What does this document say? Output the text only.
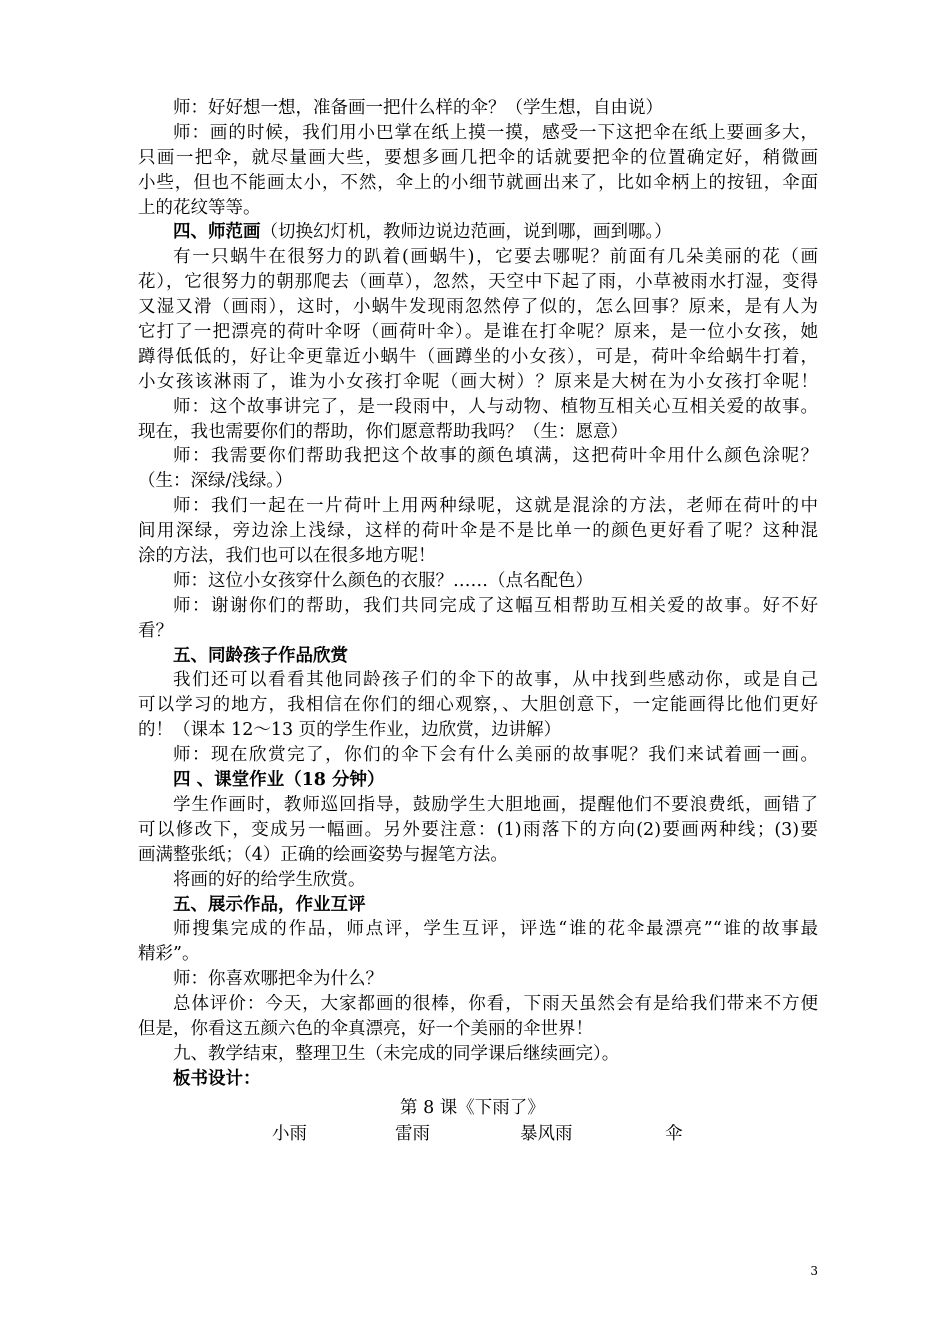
师：好好想一想，准备画一把什么样的伞？（学生想，自由说）
师：画的时候，我们用小巴掌在纸上摸一摸，感受一下这把伞在纸上要画多大，
只画一把伞，就尽量画大些，要想多画几把伞的话就要把伞的位置确定好，稍微画
小些，但也不能画太小，不然，伞上的小细节就画出来了，比如伞柄上的按钮，伞面
上的花纹等等。
四、师范画（切换幻灯机，教师边说边范画，说到哪，画到哪。）
有一只蜗牛在很努力的趴着(画蜗牛)，它要去哪呢？前面有几朵美丽的花（画
花），它很努力的朝那爬去（画草），忽然，天空中下起了雨，小草被雨水打湿，变得
又湿又滑（画雨），这时，小蜗牛发现雨忽然停了似的，怎么回事？原来，是有人为
它打了一把漂亮的荷叶伞呀（画荷叶伞）。是谁在打伞呢？原来，是一位小女孩，她
蹲得低低的，好让伞更靠近小蜗牛（画蹲坐的小女孩），可是，荷叶伞给蜗牛打着，
小女孩该淋雨了，谁为小女孩打伞呢（画大树）？原来是大树在为小女孩打伞呢！
师：这个故事讲完了，是一段雨中，人与动物、植物互相关心互相关爱的故事。
现在，我也需要你们的帮助，你们愿意帮助我吗？（生：愿意）
师：我需要你们帮助我把这个故事的颜色填满，这把荷叶伞用什么颜色涂呢？
（生：深绿/浅绿。）
师：我们一起在一片荷叶上用两种绿呢，这就是混涂的方法，老师在荷叶的中
间用深绿，旁边涂上浅绿，这样的荷叶伞是不是比单一的颜色更好看了呢？这种混
涂的方法，我们也可以在很多地方呢！
师：这位小女孩穿什么颜色的衣服？……（点名配色）
师：谢谢你们的帮助，我们共同完成了这幅互相帮助互相关爱的故事。好不好
看？
五、同龄孩子作品欣赏
我们还可以看看其他同龄孩子们的伞下的故事，从中找到些感动你，或是自己
可以学习的地方，我相信在你们的细心观察，、大胆创意下，一定能画得比他们更好
的！（课本 12～13 页的学生作业，边欣赏，边讲解）
师：现在欣赏完了，你们的伞下会有什么美丽的故事呢？我们来试着画一画。
四 、课堂作业（18 分钟）
学生作画时，教师巡回指导，鼓励学生大胆地画，提醒他们不要浪费纸，画错了
可以修改下，变成另一幅画。另外要注意：(1)雨落下的方向(2)要画两种线；(3)要
画满整张纸；（4）正确的绘画姿势与握笔方法。
将画的好的给学生欣赏。
五、展示作品，作业互评
师搜集完成的作品，师点评，学生互评，评选“谁的花伞最漂亮”“谁的故事最
精彩”。
师：你喜欢哪把伞为什么？
总体评价：今天，大家都画的很棒，你看，下雨天虽然会有是给我们带来不方便
但是，你看这五颜六色的伞真漂亮，好一个美丽的伞世界！
九、教学结束，整理卫生（未完成的同学课后继续画完）。
板书设计：
第 8 课《下雨了》
小雨	雷雨	暴风雨	伞
3
